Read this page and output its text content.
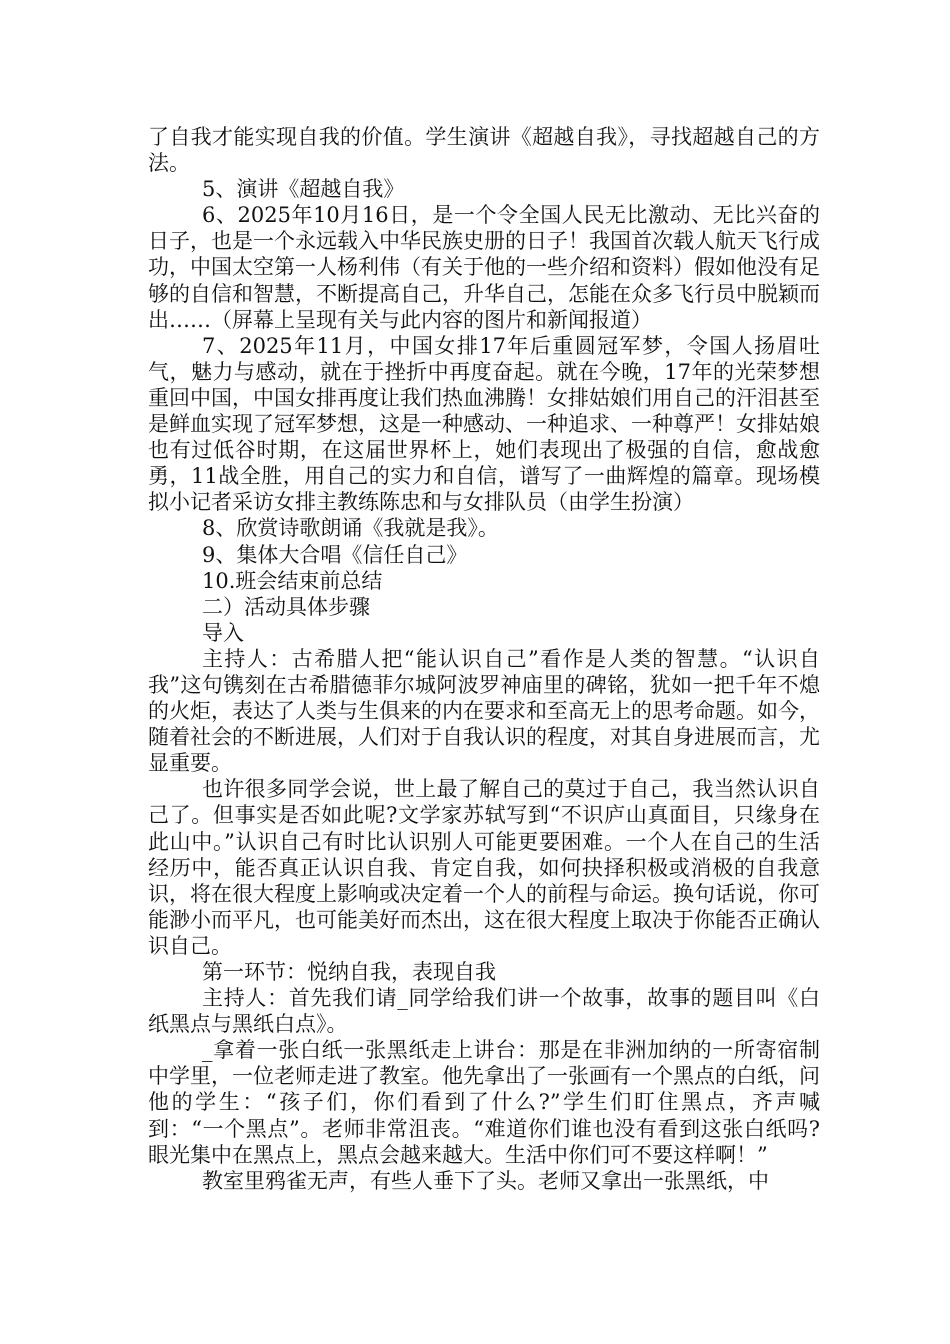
了自我才能实现自我的价值。学生演讲《超越自我》，寻找超越自己的方法。

5、演讲《超越自我》

6、2025年10月16日，是一个令全国人民无比激动、无比兴奋的日子，也是一个永远载入中华民族史册的日子！我国首次载人航天飞行成功，中国太空第一人杨利伟（有关于他的一些介绍和资料）假如他没有足够的自信和智慧，不断提高自己，升华自己，怎能在众多飞行员中脱颖而出……（屏幕上呈现有关与此内容的图片和新闻报道）

7、2025年11月，中国女排17年后重圆冠军梦，令国人扬眉吐气，魅力与感动，就在于挫折中再度奋起。就在今晚，17年的光荣梦想重回中国，中国女排再度让我们热血沸腾！女排姑娘们用自己的汗泪甚至是鲜血实现了冠军梦想，这是一种感动、一种追求、一种尊严！女排姑娘也有过低谷时期，在这届世界杯上，她们表现出了极强的自信，愈战愈勇，11战全胜，用自己的实力和自信，谱写了一曲辉煌的篇章。现场模拟小记者采访女排主教练陈忠和与女排队员（由学生扮演）

8、欣赏诗歌朗诵《我就是我》。

9、集体大合唱《信任自己》

10.班会结束前总结

二）活动具体步骤

导入

主持人：古希腊人把“能认识自己”看作是人类的智慧。“认识自我”这句镌刻在古希腊德菲尔城阿波罗神庙里的碑铭，犹如一把千年不熄的火炬，表达了人类与生俱来的内在要求和至高无上的思考命题。如今，随着社会的不断进展，人们对于自我认识的程度，对其自身进展而言，尤显重要。

也许很多同学会说，世上最了解自己的莫过于自己，我当然认识自己了。但事实是否如此呢?文学家苏轼写到“不识庐山真面目，只缘身在此山中。”认识自己有时比认识别人可能更要困难。一个人在自己的生活经历中，能否真正认识自我、肯定自我，如何抉择积极或消极的自我意识，将在很大程度上影响或决定着一个人的前程与命运。换句话说，你可能渺小而平凡，也可能美好而杰出，这在很大程度上取决于你能否正确认识自己。

第一环节：悦纳自我，表现自我

主持人：首先我们请_同学给我们讲一个故事，故事的题目叫《白纸黑点与黑纸白点》。

_拿着一张白纸一张黑纸走上讲台：那是在非洲加纳的一所寄宿制中学里，一位老师走进了教室。他先拿出了一张画有一个黑点的白纸，问他的学生：“孩子们，你们看到了什么?”学生们盯住黑点，齐声喊到：“一个黑点”。老师非常沮丧。“难道你们谁也没有看到这张白纸吗?眼光集中在黑点上，黑点会越来越大。生活中你们可不要这样啊！”

教室里鸦雀无声，有些人垂下了头。老师又拿出一张黑纸，中
